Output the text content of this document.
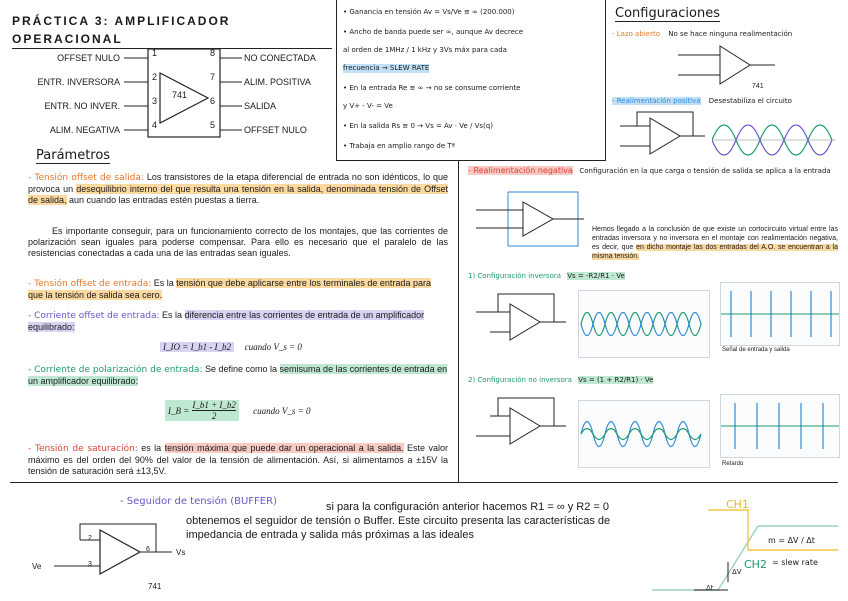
PRÁCTICA 3: AMPLIFICADOR OPERACIONAL
OFFSET NULO
ENTR. INVERSORA
ENTR. NO INVER.
ALIM. NEGATIVA
1
2
3
4
8
7
6
5
741
NO CONECTADA
ALIM. POSITIVA
SALIDA
OFFSET NULO
• Ganancia en tensión Av = Vs/Ve ≅ ∞ (200.000)
• Ancho de banda puede ser ∞, aunque Av decrece
al orden de 1MHz / 1 kHz y 3Vs máx para cada
frecuencia → SLEW RATE
• En la entrada Re ≅ ∞ → no se consume corriente
y V+ - V- = Ve
• En la salida Rs ≅ 0 → Vs = Av · Ve / Vs(q)
• Trabaja en amplio rango de Tª
Parámetros
- Tensión offset de salida: Los transistores de la etapa diferencial de entrada no son idénticos, lo que provoca un desequilibrio interno del que resulta una tensión en la salida, denominada tensión de Offset de salida, aun cuando las entradas estén puestas a tierra.
Es importante conseguir, para un funcionamiento correcto de los montajes, que las corrientes de polarización sean iguales para poderse compensar. Para ello es necesario que el paralelo de las resistencias conectadas a cada una de las entradas sean iguales.
- Tensión offset de entrada: Es la tensión que debe aplicarse entre los terminales de entrada para que la tensión de salida sea cero.
- Corriente offset de entrada: Es la diferencia entre las corrientes de entrada de un amplificador equilibrado:
I_IO = I_b1 - I_b2 cuando V_s = 0
- Corriente de polarización de entrada: Se define como la semisuma de las corrientes de entrada en un amplificador equilibrado:
I_B = $\frac{I\_b1 + I\_b2}{2}$ cuando V_s = 0
- Tensión de saturación: es la tensión máxima que puede dar un operacional a la salida. Este valor máximo es del orden del 90% del valor de la tensión de alimentación. Así, si alimentamos a ±15V la tensión de saturación será ±13,5V.
Configuraciones
- Lazo abierto No se hace ninguna realimentación
741
- Realimentación positiva Desestabiliza el circuito
- Realimentación negativa Configuración en la que carga o tensión de salida se aplica a la entrada
Hemos llegado a la conclusión de que existe un cortocircuito virtual entre las entradas inversora y no inversora en el montaje con realimentación negativa, es decir, que en dicho montaje las dos entradas del A.O. se encuentran a la misma tensión.
1) Configuración inversora Vs = -R2/R1 · Ve
Señal de entrada y salida
2) Configuración no inversora Vs = (1 + R2/R1) · Ve
Retardo
- Seguidor de tensión (BUFFER)	si para la configuración anterior hacemos R1 = ∞ y R2 = 0 obtenemos el seguidor de tensión o Buffer. Este circuito presenta las características de impedancia de entrada y salida más próximas a las ideales
Ve
Vs
2
3
6
741
CH1
CH2
m = ΔV / Δt
= slew rate
ΔV
Δt
